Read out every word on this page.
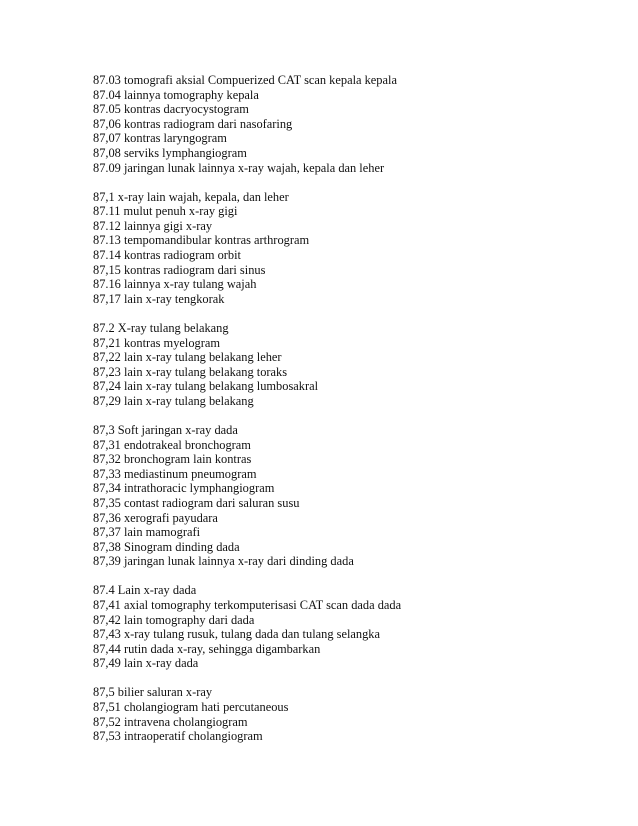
87.03 tomografi aksial Compuerized CAT scan kepala kepala
87.04 lainnya tomography kepala
87.05 kontras dacryocystogram
87,06 kontras radiogram dari nasofaring
87,07 kontras laryngogram
87,08 serviks lymphangiogram
87.09 jaringan lunak lainnya x-ray wajah, kepala dan leher
87,1 x-ray lain wajah, kepala, dan leher
87.11 mulut penuh x-ray gigi
87.12 lainnya gigi x-ray
87.13 tempomandibular kontras arthrogram
87.14 kontras radiogram orbit
87,15 kontras radiogram dari sinus
87.16 lainnya x-ray tulang wajah
87,17 lain x-ray tengkorak
87.2 X-ray tulang belakang
87,21 kontras myelogram
87,22 lain x-ray tulang belakang leher
87,23 lain x-ray tulang belakang toraks
87,24 lain x-ray tulang belakang lumbosakral
87,29 lain x-ray tulang belakang
87,3 Soft jaringan x-ray dada
87,31 endotrakeal bronchogram
87,32 bronchogram lain kontras
87,33 mediastinum pneumogram
87,34 intrathoracic lymphangiogram
87,35 contast radiogram dari saluran susu
87,36 xerografi payudara
87,37 lain mamografi
87,38 Sinogram dinding dada
87,39 jaringan lunak lainnya x-ray dari dinding dada
87.4 Lain x-ray dada
87,41 axial tomography terkomputerisasi CAT scan dada dada
87,42 lain tomography dari dada
87,43 x-ray tulang rusuk, tulang dada dan tulang selangka
87,44 rutin dada x-ray, sehingga digambarkan
87,49 lain x-ray dada
87,5 bilier saluran x-ray
87,51 cholangiogram hati percutaneous
87,52 intravena cholangiogram
87,53 intraoperatif cholangiogram
